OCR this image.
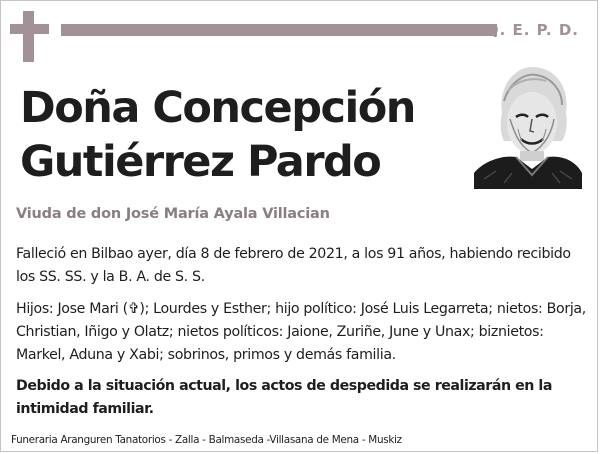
Q. E. P. D.
Doña Concepción
Gutiérrez Pardo
Viuda de don José María Ayala Villacian
Falleció en Bilbao ayer, día 8 de febrero de 2021, a los 91 años, habiendo recibido los SS. SS. y la B. A. de S. S.
Hijos: Jose Mari (✞); Lourdes y Esther; hijo político: José Luis Legarreta; nietos: Borja, Christian, Iñigo y Olatz; nietos políticos: Jaione, Zuriñe, June y Unax; biznietos: Markel, Aduna y Xabi; sobrinos, primos y demás familia.
Debido a la situación actual, los actos de despedida se realizarán en la intimidad familiar.
Funeraria Aranguren Tanatorios - Zalla - Balmaseda -Villasana de Mena - Muskiz
